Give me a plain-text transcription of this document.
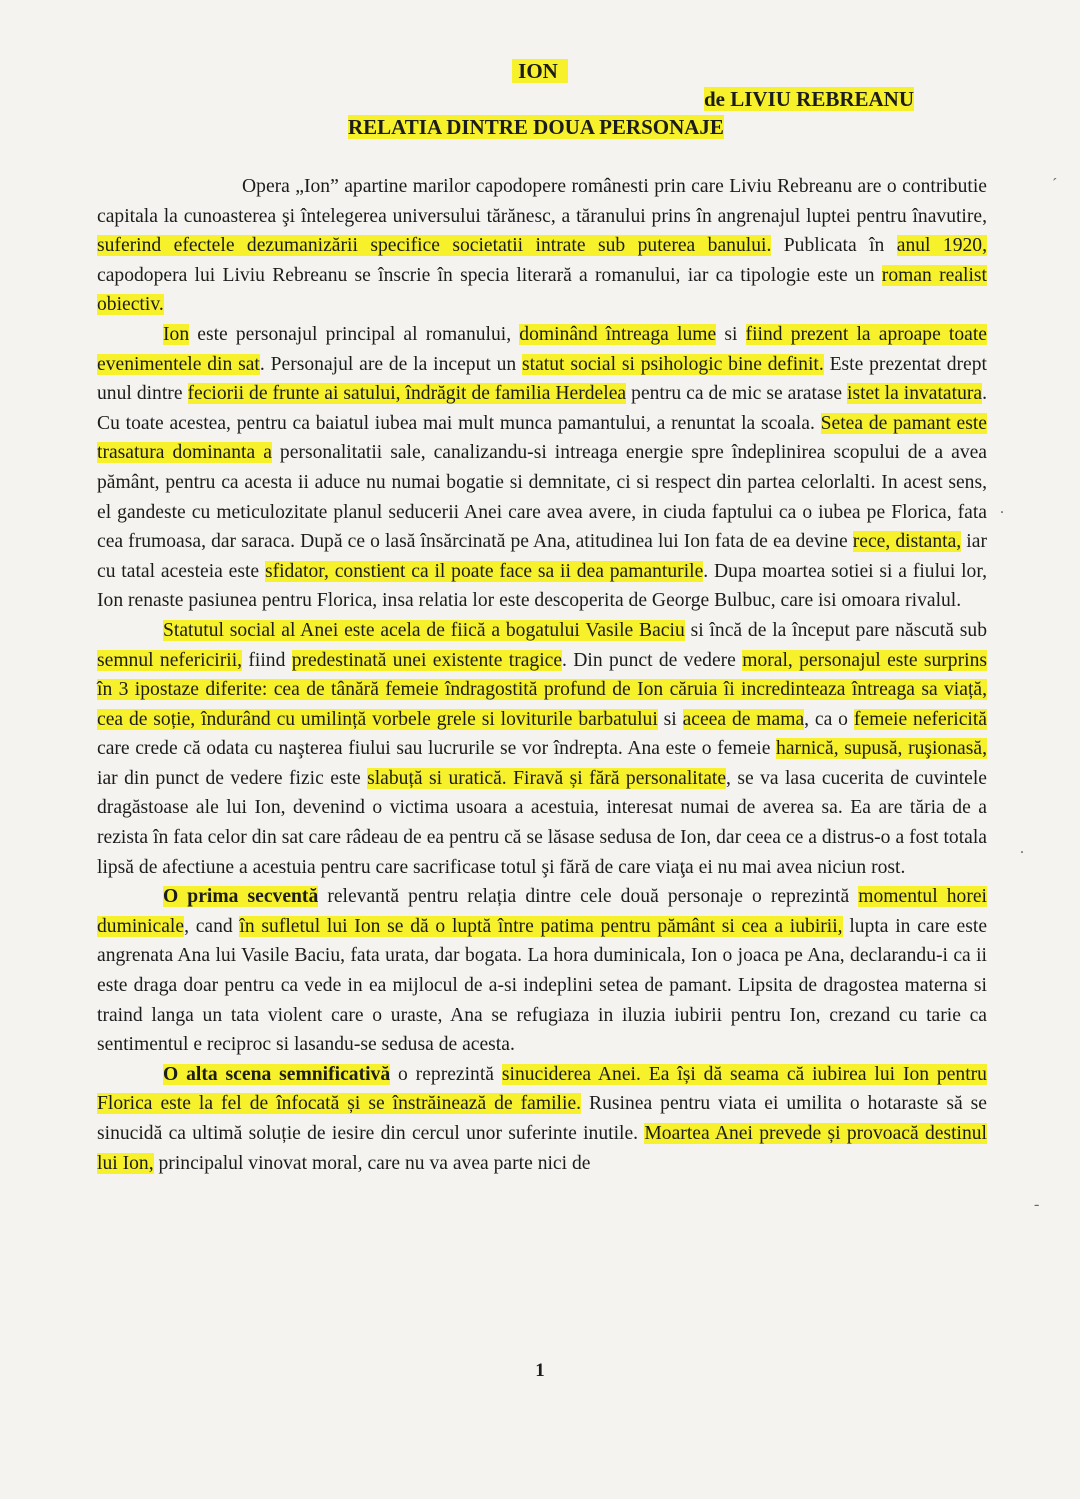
ION
de LIVIU REBREANU
RELATIA DINTRE DOUA PERSONAJE

Opera „Ion” apartine marilor capodopere românesti prin care Liviu Rebreanu are o contributie capitala la cunoasterea şi întelegerea universului tărănesc, a tăranului prins în angrenajul luptei pentru înavutire, suferind efectele dezumanizării specifice societatii intrate sub puterea banului. Publicata în anul 1920, capodopera lui Liviu Rebreanu se înscrie în specia literară a romanului, iar ca tipologie este un roman realist obiectiv.

Ion este personajul principal al romanului, dominând întreaga lume si fiind prezent la aproape toate evenimentele din sat. Personajul are de la inceput un statut social si psihologic bine definit. Este prezentat drept unul dintre feciorii de frunte ai satului, îndrăgit de familia Herdelea pentru ca de mic se aratase istet la invatatura. Cu toate acestea, pentru ca baiatul iubea mai mult munca pamantului, a renuntat la scoala. Setea de pamant este trasatura dominanta a personalitatii sale, canalizandu-si intreaga energie spre îndeplinirea scopului de a avea pământ, pentru ca acesta ii aduce nu numai bogatie si demnitate, ci si respect din partea celorlalti. In acest sens, el gandeste cu meticulozitate planul seducerii Anei care avea avere, in ciuda faptului ca o iubea pe Florica, fata cea frumoasa, dar saraca. După ce o lasă însărcinată pe Ana, atitudinea lui Ion fata de ea devine rece, distanta, iar cu tatal acesteia este sfidator, constient ca il poate face sa ii dea pamanturile. Dupa moartea sotiei si a fiului lor, Ion renaste pasiunea pentru Florica, insa relatia lor este descoperita de George Bulbuc, care isi omoara rivalul.

Statutul social al Anei este acela de fiică a bogatului Vasile Baciu si încă de la început pare născută sub semnul nefericirii, fiind predestinată unei existente tragice. Din punct de vedere moral, personajul este surprins în 3 ipostaze diferite: cea de tânără femeie îndragostită profund de Ion căruia îi incredinteaza întreaga sa viață, cea de soție, îndurând cu umilință vorbele grele si loviturile barbatului si aceea de mama, ca o femeie nefericită care crede că odata cu naşterea fiului sau lucrurile se vor îndrepta. Ana este o femeie harnică, supusă, ruşionasă, iar din punct de vedere fizic este slabuță si uratică. Firavă și fără personalitate, se va lasa cucerita de cuvintele dragăstoase ale lui Ion, devenind o victima usoara a acestuia, interesat numai de averea sa. Ea are tăria de a rezista în fata celor din sat care râdeau de ea pentru că se lăsase sedusa de Ion, dar ceea ce a distrus-o a fost totala lipsă de afectiune a acestuia pentru care sacrificase totul şi fără de care viaţa ei nu mai avea niciun rost.

O prima secventă relevantă pentru relația dintre cele două personaje o reprezintă momentul horei duminicale, cand în sufletul lui Ion se dă o luptă între patima pentru pământ si cea a iubirii, lupta in care este angrenata Ana lui Vasile Baciu, fata urata, dar bogata. La hora duminicala, Ion o joaca pe Ana, declarandu-i ca ii este draga doar pentru ca vede in ea mijlocul de a-si indeplini setea de pamant. Lipsita de dragostea materna si traind langa un tata violent care o uraste, Ana se refugiaza in iluzia iubirii pentru Ion, crezand cu tarie ca sentimentul e reciproc si lasandu-se sedusa de acesta.

O alta scena semnificativă o reprezintă sinuciderea Anei. Ea își dă seama că iubirea lui Ion pentru Florica este la fel de înfocată și se înstrăinează de familie. Rusinea pentru viata ei umilita o hotaraste să se sinucidă ca ultimă soluție de iesire din cercul unor suferinte inutile. Moartea Anei prevede și provoacă destinul lui Ion, principalul vinovat moral, care nu va avea parte nici de

1
´
.
.
-
